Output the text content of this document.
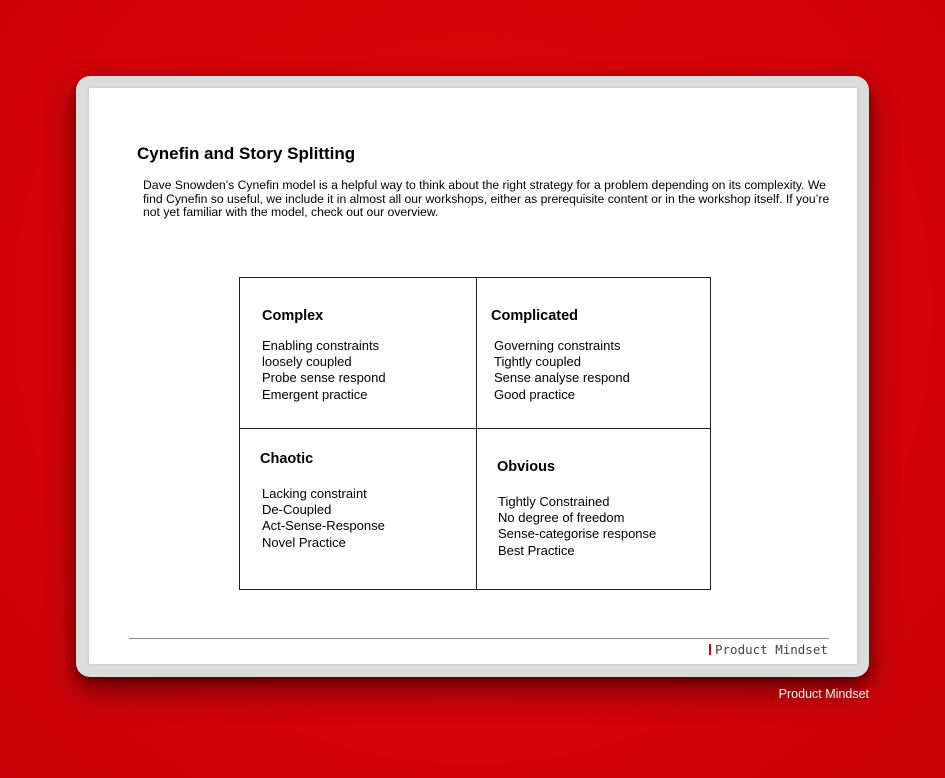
Cynefin and Story Splitting

Dave Snowden’s Cynefin model is a helpful way to think about the right strategy for a problem depending on its complexity. We find Cynefin so useful, we include it in almost all our workshops, either as prerequisite content or in the workshop itself. If you’re not yet familiar with the model, check out our overview.

Complex
Enabling constraints
loosely coupled
Probe sense respond
Emergent practice
Complicated
Governing constraints
Tightly coupled
Sense analyse respond
Good practice
Chaotic
Lacking constraint
De-Coupled
Act-Sense-Response
Novel Practice
Obvious
Tightly Constrained
No degree of freedom
Sense-categorise response
Best Practice
Product Mindset
Product Mindset
